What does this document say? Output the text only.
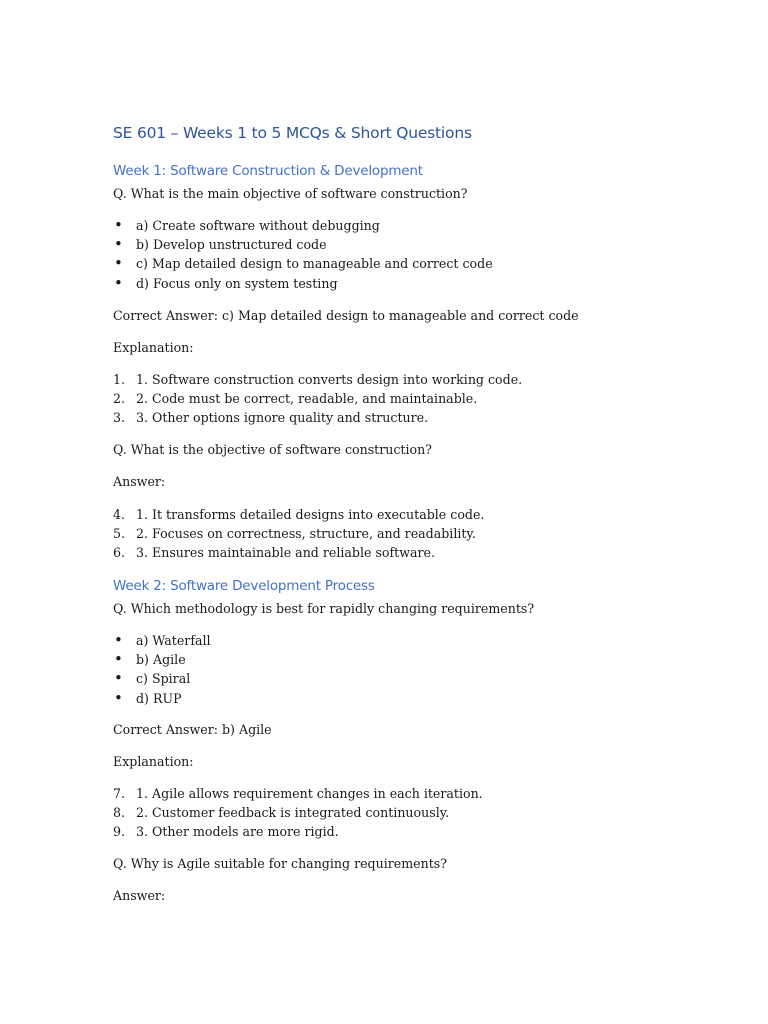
SE 601 – Weeks 1 to 5 MCQs & Short Questions
Week 1: Software Construction & Development

Q. What is the main objective of software construction?

• a) Create software without debugging
• b) Develop unstructured code
• c) Map detailed design to manageable and correct code
• d) Focus only on system testing

Correct Answer: c) Map detailed design to manageable and correct code

Explanation:

1. 1. Software construction converts design into working code.
2. 2. Code must be correct, readable, and maintainable.
3. 3. Other options ignore quality and structure.

Q. What is the objective of software construction?

Answer:

4. 1. It transforms detailed designs into executable code.
5. 2. Focuses on correctness, structure, and readability.
6. 3. Ensures maintainable and reliable software.
Week 2: Software Development Process

Q. Which methodology is best for rapidly changing requirements?

• a) Waterfall
• b) Agile
• c) Spiral
• d) RUP

Correct Answer: b) Agile

Explanation:

7. 1. Agile allows requirement changes in each iteration.
8. 2. Customer feedback is integrated continuously.
9. 3. Other models are more rigid.

Q. Why is Agile suitable for changing requirements?

Answer:
